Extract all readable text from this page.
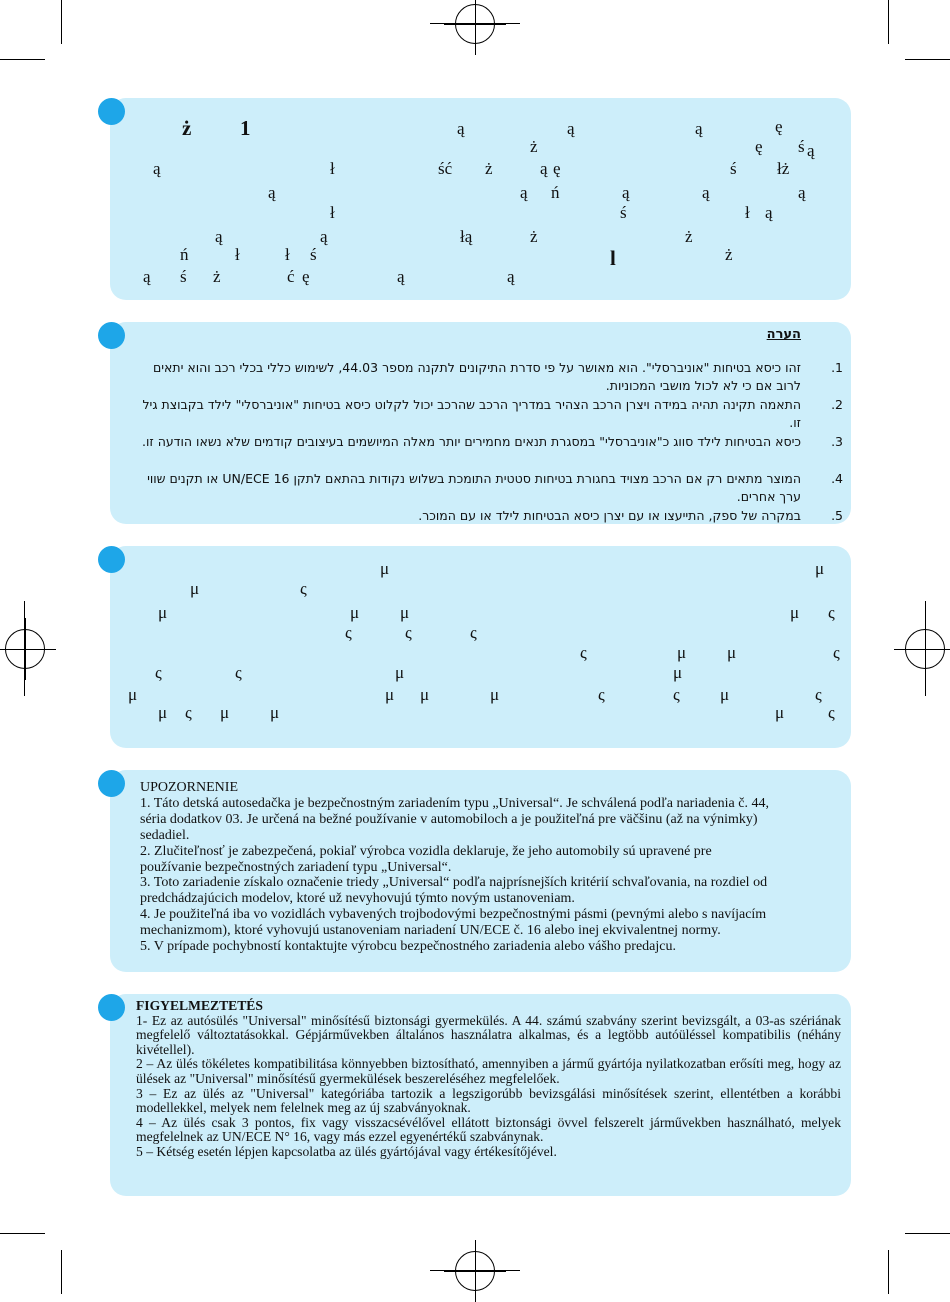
ż 1	ą	ą	ą	ę
ż	ę ś ą
ą	ł	ść ż	ą ę	ś łż
ą	ą ń	ą	ą	ą
ł	ś	ł ą
ą	ą	łą	ż	ż
ń	ł	ł ś	l	ż
ą ś ż	ć ę	ą	ą
הערה
.1
זהו כיסא בטיחות "אוניברסלי". הוא מאושר על פי סדרת התיקונים לתקנה מספר 44.03, לשימוש כללי בכלי רכב והוא יתאים לרוב אם כי לא לכול מושבי המכוניות.
.2
התאמה תקינה תהיה במידה ויצרן הרכב הצהיר במדריך הרכב שהרכב יכול לקלוט כיסא בטיחות "אוניברסלי" לילד בקבוצת גיל זו.
.3
כיסא הבטיחות לילד סווג כ"אוניברסלי" במסגרת תנאים מחמירים יותר מאלה המיושמים בעיצובים קודמים שלא נשאו הודעה זו.
.4
המוצר מתאים רק אם הרכב מצויד בחגורת בטיחות סטטית התומכת בשלוש נקודות בהתאם לתקן UN/ECE 16 או תקנים שווי ערך אחרים.
.5
במקרה של ספק, התייעצו או עם יצרן כיסא הבטיחות לילד או עם המוכר.
μ	μ
μ	ς
μ	μ μ	μ ς
ς	ς	ς
ς	μ μ	ς
ς	ς	μ	μ
μ	μ μ	μ	ς	ς μ	ς
μ ς μ μ	μ	ς
UPOZORNENIE

1. Táto detská autosedačka je bezpečnostným zariadením typu „Universal“. Je schválená podľa nariadenia č. 44,

séria dodatkov 03. Je určená na bežné používanie v automobiloch a je použiteľná pre väčšinu (až na výnimky)

sedadiel.

2. Zlučiteľnosť je zabezpečená, pokiaľ výrobca vozidla deklaruje, že jeho automobily sú upravené pre

používanie bezpečnostných zariadení typu „Universal“.

3. Toto zariadenie získalo označenie triedy „Universal“ podľa najprísnejších kritérií schvaľovania, na rozdiel od

predchádzajúcich modelov, ktoré už nevyhovujú týmto novým ustanoveniam.

4. Je použiteľná iba vo vozidlách vybavených trojbodovými bezpečnostnými pásmi (pevnými alebo s navíjacím

mechanizmom), ktoré vyhovujú ustanoveniam nariadení UN/ECE č. 16 alebo inej ekvivalentnej normy.

5. V prípade pochybností kontaktujte výrobcu bezpečnostného zariadenia alebo vášho predajcu.

FIGYELMEZTETÉS

1- Ez az autósülés "Universal" minősítésű biztonsági gyermekülés. A 44. számú szabvány szerint bevizsgált, a 03-as szériának megfelelő változtatásokkal. Gépjárművekben általános használatra alkalmas, és a legtöbb autóüléssel kompatibilis (néhány kivétellel).

2 – Az ülés tökéletes kompatibilitása könnyebben biztosítható, amennyiben a jármű gyártója nyilatkozatban erősíti meg, hogy az ülések az "Universal" minősítésű gyermekülések beszereléséhez megfelelőek.

3 – Ez az ülés az "Universal" kategóriába tartozik a legszigorúbb bevizsgálási minősítések szerint, ellentétben a korábbi modellekkel, melyek nem felelnek meg az új szabványoknak.

4 – Az ülés csak 3 pontos, fix vagy visszacsévélővel ellátott biztonsági övvel felszerelt járművekben használható, melyek megfelelnek az UN/ECE N° 16, vagy más ezzel egyenértékű szabványnak.

5 – Kétség esetén lépjen kapcsolatba az ülés gyártójával vagy értékesítőjével.
